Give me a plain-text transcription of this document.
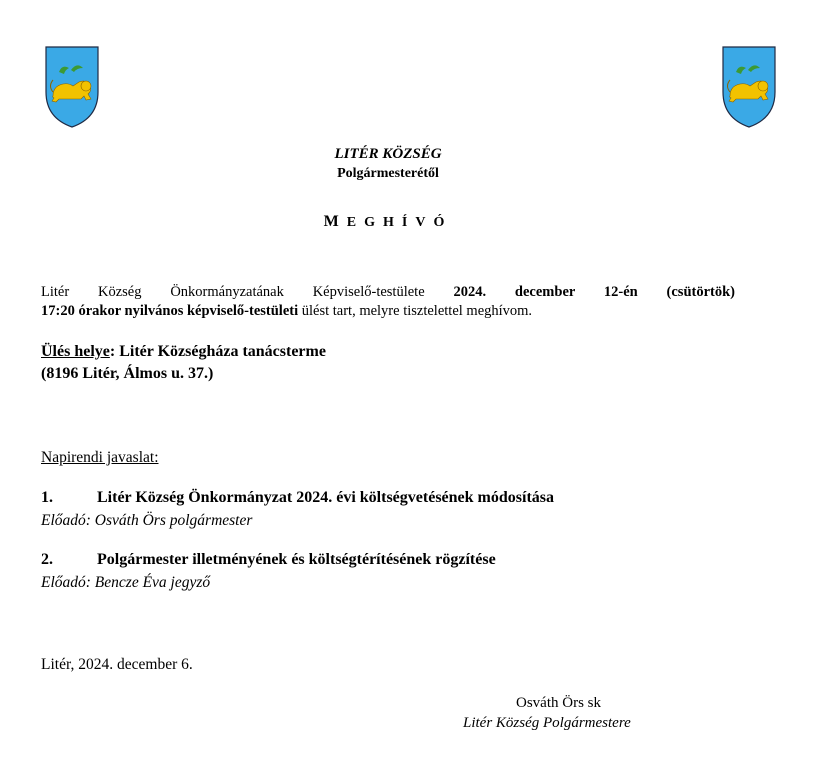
LITÉR KÖZSÉG
Polgármesterétől
MEGHÍVÓ
Litér Község Önkormányzatának Képviselő-testülete 2024. december 12-én (csütörtök)
17:20 órakor nyilvános képviselő-testületi ülést tart, melyre tisztelettel meghívom.
Ülés helye: Litér Községháza tanácsterme
(8196 Litér, Álmos u. 37.)
Napirendi javaslat:
1.	Litér Község Önkormányzat 2024. évi költségvetésének módosítása
Előadó: Osváth Örs polgármester
2.	Polgármester illetményének és költségtérítésének rögzítése
Előadó: Bencze Éva jegyző
Litér, 2024. december 6.
Osváth Örs sk
Litér Község Polgármestere
